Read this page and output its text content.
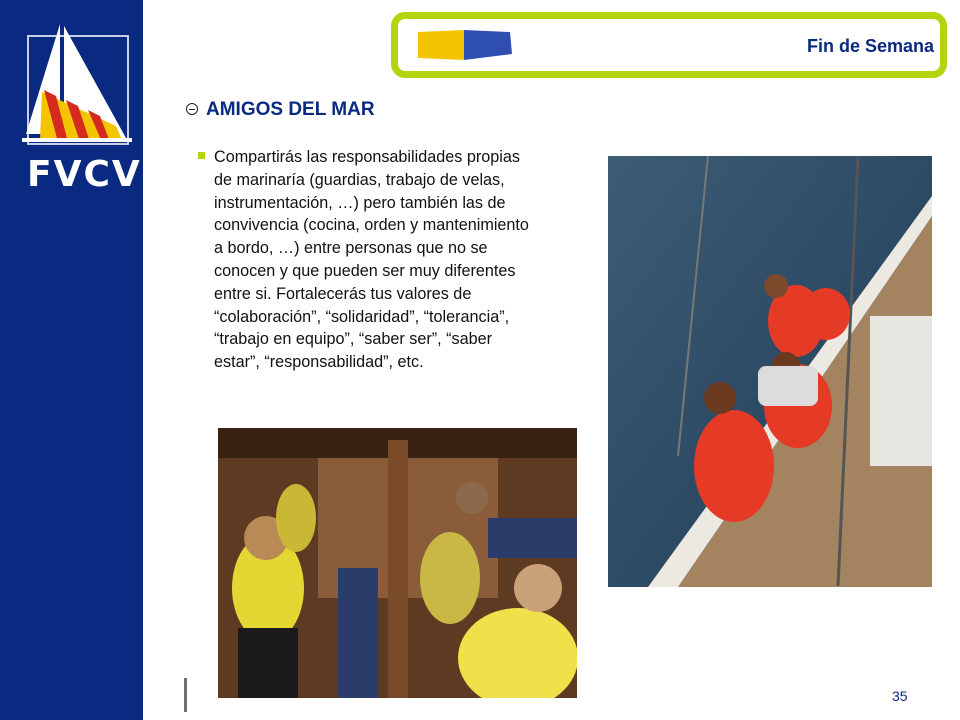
FVCV
Fin de Semana
AMIGOS DEL MAR

Compartirás las responsabilidades propias de marinaría (guardias, trabajo de velas, instrumentación, …) pero también las de convivencia (cocina, orden y mantenimiento a bordo, …) entre personas que no se conocen y que pueden ser muy diferentes entre si. Fortalecerás tus valores de “colaboración”, “solidaridad”, “tolerancia”, “trabajo en equipo”, “saber ser”, “saber estar”, “responsabilidad”, etc.

35
